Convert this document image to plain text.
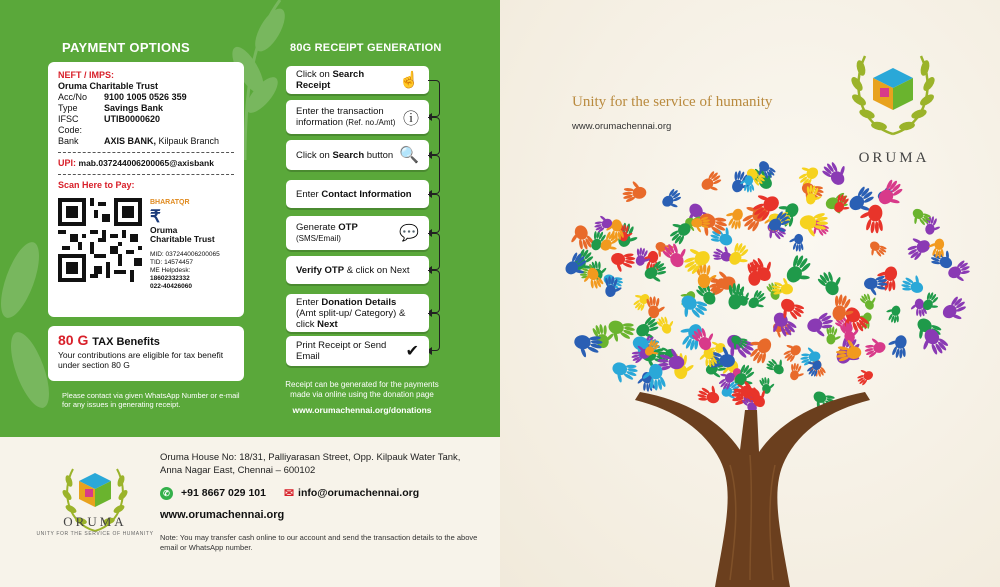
PAYMENT OPTIONS	80G RECEIPT GENERATION
NEFT / IMPS:
Oruma Charitable Trust
Acc/No	9100 1005 0526 359
Type	Savings Bank
IFSC Code:
UTIB0000620
Bank	AXIS BANK,
Kilpauk Branch
UPI: mab.037244006200065@axisbank
Scan Here to Pay:
BHARATQR
₹
Oruma
Charitable Trust
MID: 037244006200065
TID: 14574457
ME Helpdesk:
18602332332
022-40426060
80 G TAX Benefits
Your contributions are eligible for tax benefit under section 80 G
Please contact via given WhatsApp Number or e-mail for any issues in generating receipt.
Click on Search Receipt	☝
Enter the transaction information (Ref. no./Amt) ⓘ
Click on Search button 🔍
Enter Contact Information
Generate OTP (SMS/Email)	💬
Verify OTP & click on Next
Enter Donation Details (Amt split-up/ Category) & click Next
Print Receipt or Send Email	✔
Receipt can be generated for the payments made via online using the donation page
www.orumachennai.org/donations
ORUMA
UNITY FOR THE SERVICE OF HUMANITY
Oruma House No: 18/31, Palliyarasan Street, Opp. Kilpauk Water Tank, Anna Nagar East, Chennai – 600102
✆	+91 8667 029 101 ✉ info@orumachennai.org
www.orumachennai.org
Note: You may transfer cash online to our account and send the transaction details to the above email or WhatsApp number.
Unity for the service of humanity
www.orumachennai.org
ORUMA
